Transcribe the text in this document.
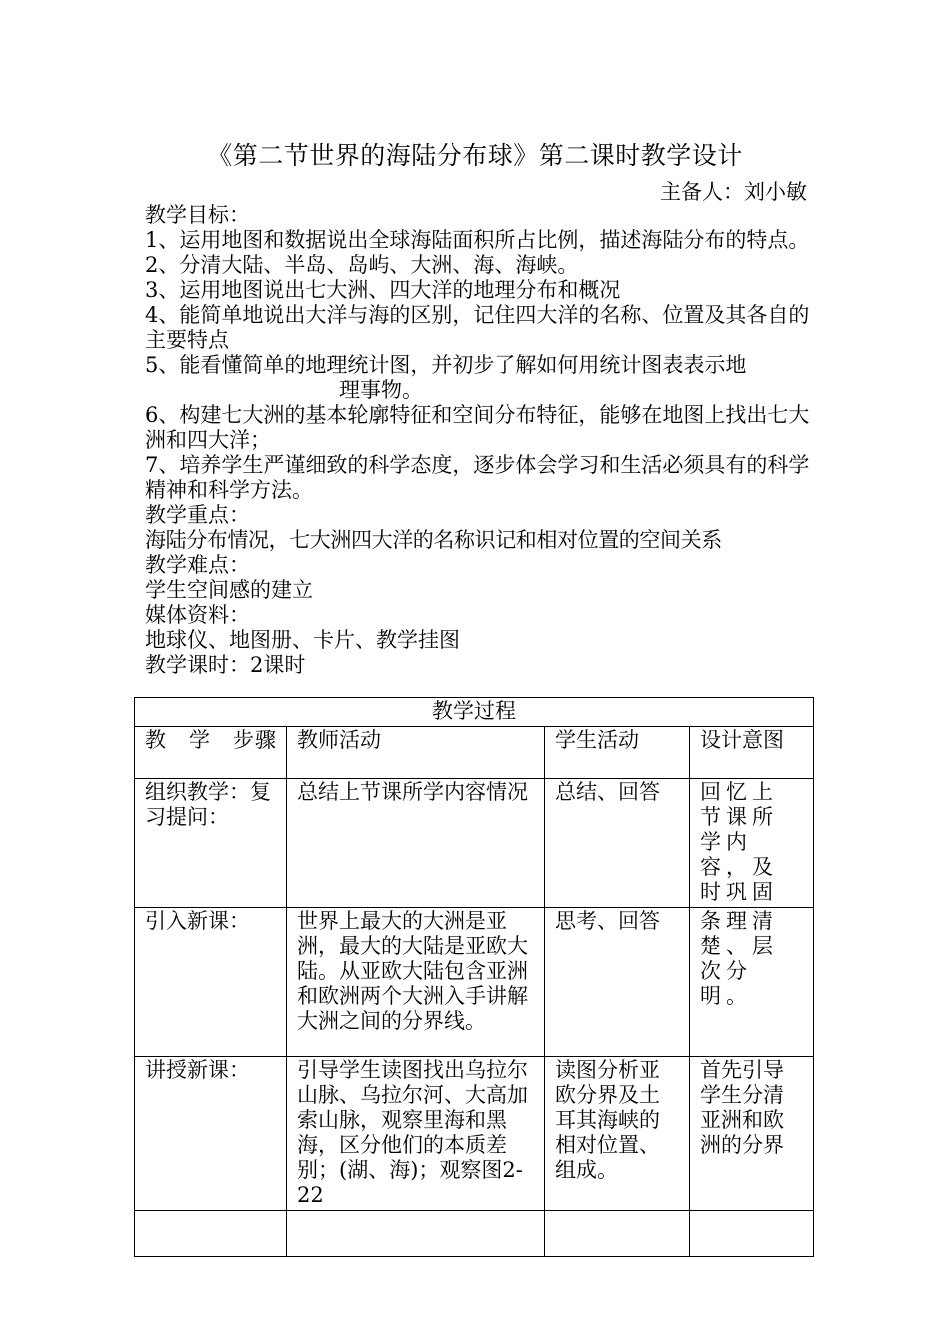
《第二节世界的海陆分布球》第二课时教学设计
主备人：刘小敏
教学目标：
1、运用地图和数据说出全球海陆面积所占比例，描述海陆分布的特点。
2、分清大陆、半岛、岛屿、大洲、海、海峡。
3、运用地图说出七大洲、四大洋的地理分布和概况
4、能简单地说出大洋与海的区别，记住四大洋的名称、位置及其各自的主要特点
5、能看懂简单的地理统计图，并初步了解如何用统计图表表示地
理事物。
6、构建七大洲的基本轮廓特征和空间分布特征，能够在地图上找出七大洲和四大洋；
7、培养学生严谨细致的科学态度，逐步体会学习和生活必须具有的科学精神和科学方法。
教学重点：
海陆分布情况，七大洲四大洋的名称识记和相对位置的空间关系
教学难点：
学生空间感的建立
媒体资料：
地球仪、地图册、卡片、教学挂图
教学课时：2课时
教学过程			
教　学　步骤	教师活动	学生活动	设计意图
组织教学：复习提问：	总结上节课所学内容情况	总结、回答	回忆上节课所学内容，及时巩固
引入新课：	世界上最大的大洲是亚洲，最大的大陆是亚欧大陆。从亚欧大陆包含亚洲和欧洲两个大洲入手讲解大洲之间的分界线。	思考、回答	条理清楚、层次分明。
讲授新课：	引导学生读图找出乌拉尔山脉、乌拉尔河、大高加索山脉，观察里海和黑海，区分他们的本质差别；(湖、海)；观察图2-22	读图分析亚欧分界及土耳其海峡的相对位置、组成。	首先引导学生分清亚洲和欧洲的分界
